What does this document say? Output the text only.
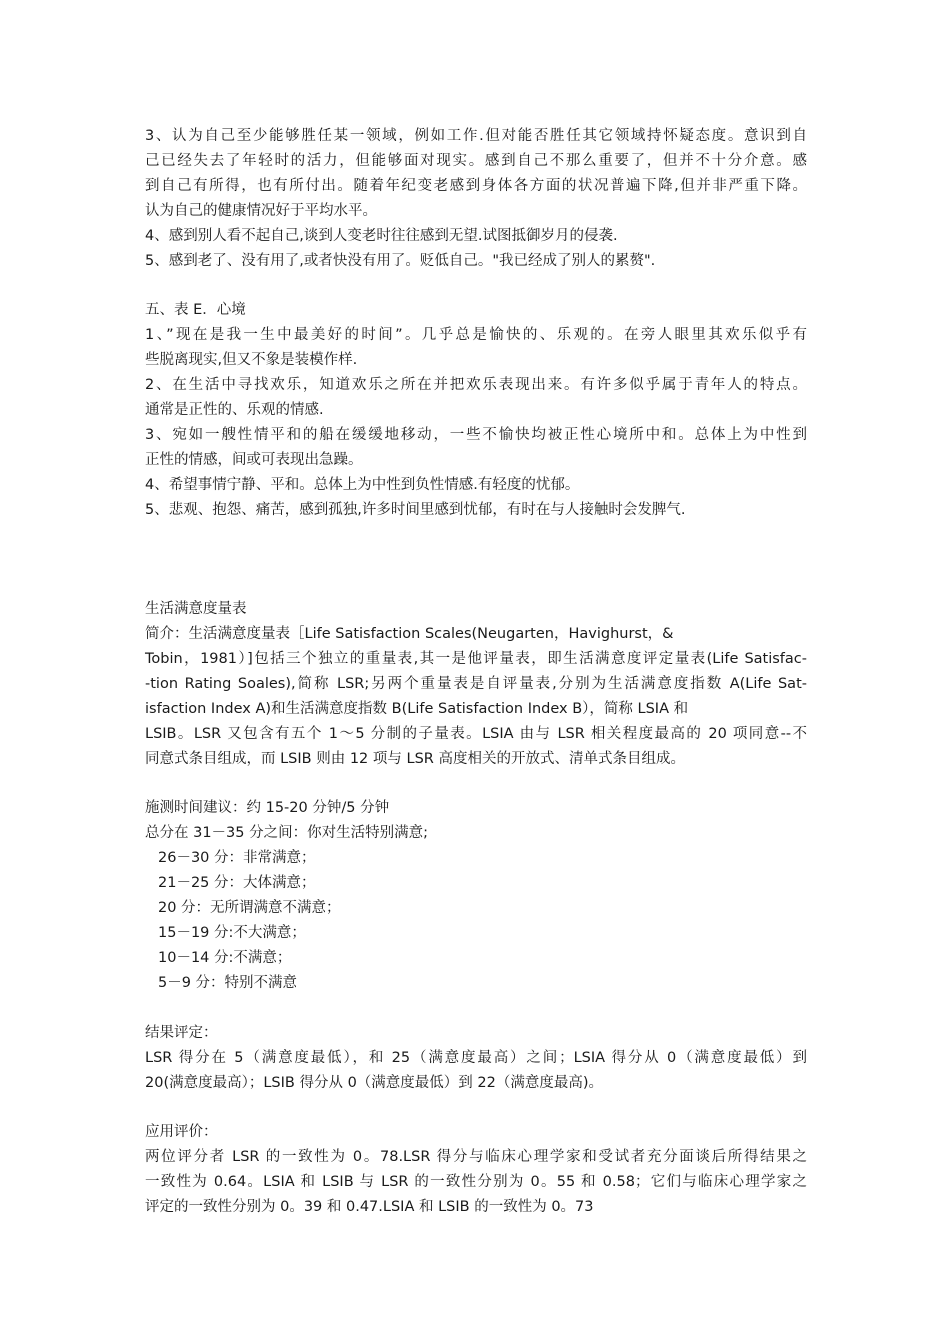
3、认为自己至少能够胜任某一领域，例如工作.但对能否胜任其它领域持怀疑态度。意识到自
己已经失去了年轻时的活力，但能够面对现实。感到自己不那么重要了，但并不十分介意。感
到自己有所得，也有所付出。随着年纪变老感到身体各方面的状况普遍下降,但并非严重下降。
认为自己的健康情况好于平均水平。
4、感到别人看不起自己,谈到人变老时往往感到无望.试图抵御岁月的侵袭.
5、感到老了、没有用了,或者快没有用了。贬低自己。"我已经成了别人的累赘".
五、表 E．心境
1、”现在是我一生中最美好的时间”。几乎总是愉快的、乐观的。在旁人眼里其欢乐似乎有
些脱离现实,但又不象是装模作样.
2、在生活中寻找欢乐，知道欢乐之所在并把欢乐表现出来。有许多似乎属于青年人的特点。
通常是正性的、乐观的情感.
3、宛如一艘性情平和的船在缓缓地移动，一些不愉快均被正性心境所中和。总体上为中性到
正性的情感，间或可表现出急躁。
4、希望事情宁静、平和。总体上为中性到负性情感.有轻度的忧郁。
5、悲观、抱怨、痛苦，感到孤独,许多时间里感到忧郁，有时在与人接触时会发脾气.
生活满意度量表
简介：生活满意度量表［Life Satisfaction Scales(Neugarten，Havighurst，&
Tobin，1981）]包括三个独立的重量表,其一是他评量表，即生活满意度评定量表(Life Satisfac-
-tion Rating Soales),简称 LSR;另两个重量表是自评量表,分别为生活满意度指数 A(Life Sat-
isfaction Index A)和生活满意度指数 B(Life Satisfaction Index B），简称 LSIA 和
LSIB。LSR 又包含有五个 1～5 分制的子量表。LSIA 由与 LSR 相关程度最高的 20 项同意--不
同意式条目组成，而 LSIB 则由 12 项与 LSR 高度相关的开放式、清单式条目组成。
施测时间建议：约 15-20 分钟/5 分钟
总分在 31－35 分之间：你对生活特别满意;
26－30 分：非常满意；
21－25 分：大体满意；
20 分：无所谓满意不满意；
15－19 分:不大满意；
10－14 分:不满意；
5－9 分：特别不满意
结果评定：
LSR 得分在 5（满意度最低），和 25（满意度最高）之间；LSIA 得分从 0（满意度最低）到
20(满意度最高）；LSIB 得分从 0（满意度最低）到 22（满意度最高)。
应用评价：
两位评分者 LSR 的一致性为 0。78.LSR 得分与临床心理学家和受试者充分面谈后所得结果之
一致性为 0.64。LSIA 和 LSIB 与 LSR 的一致性分别为 0。55 和 0.58；它们与临床心理学家之
评定的一致性分别为 0。39 和 0.47.LSIA 和 LSIB 的一致性为 0。73
